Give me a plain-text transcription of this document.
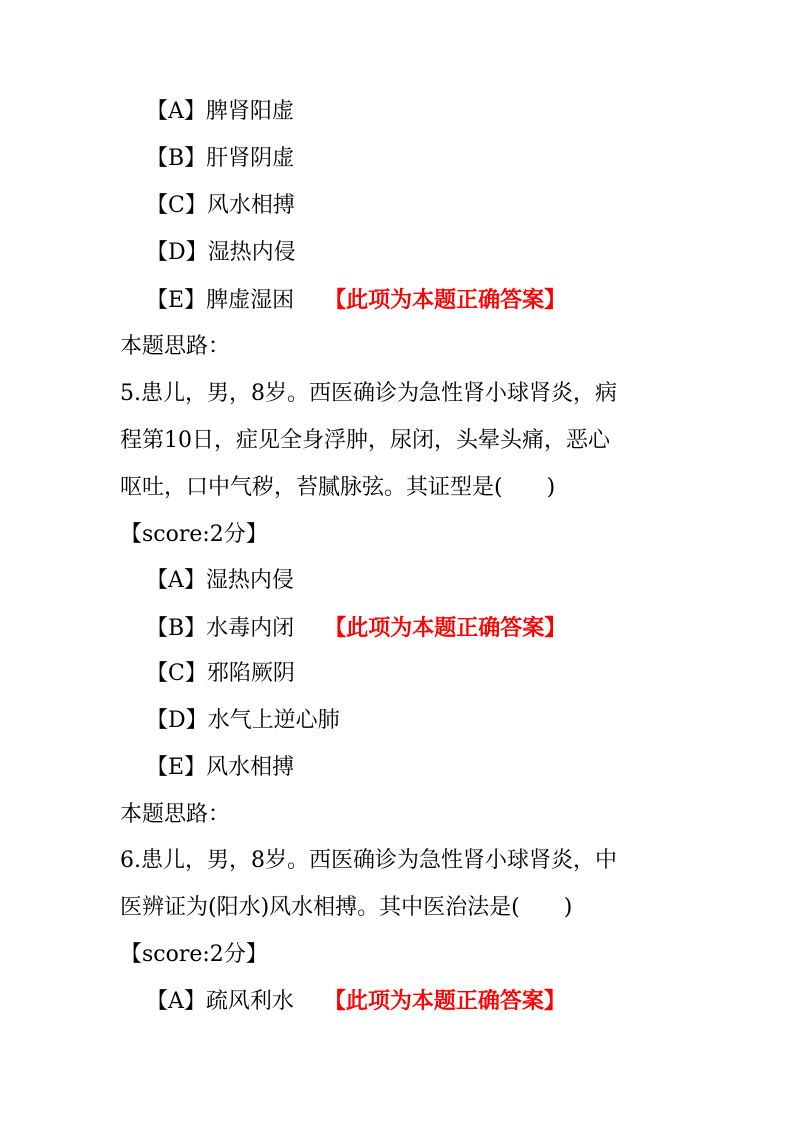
【A】脾肾阳虚
【B】肝肾阴虚
【C】风水相搏
【D】湿热内侵
【E】脾虚湿困 【此项为本题正确答案】
本题思路：
5.患儿，男，8岁。西医确诊为急性肾小球肾炎，病
程第10日，症见全身浮肿，尿闭，头晕头痛，恶心
呕吐，口中气秽，苔腻脉弦。其证型是(　　)
【score:2分】
【A】湿热内侵
【B】水毒内闭 【此项为本题正确答案】
【C】邪陷厥阴
【D】水气上逆心肺
【E】风水相搏
本题思路：
6.患儿，男，8岁。西医确诊为急性肾小球肾炎，中
医辨证为(阳水)风水相搏。其中医治法是(　　)
【score:2分】
【A】疏风利水 【此项为本题正确答案】
